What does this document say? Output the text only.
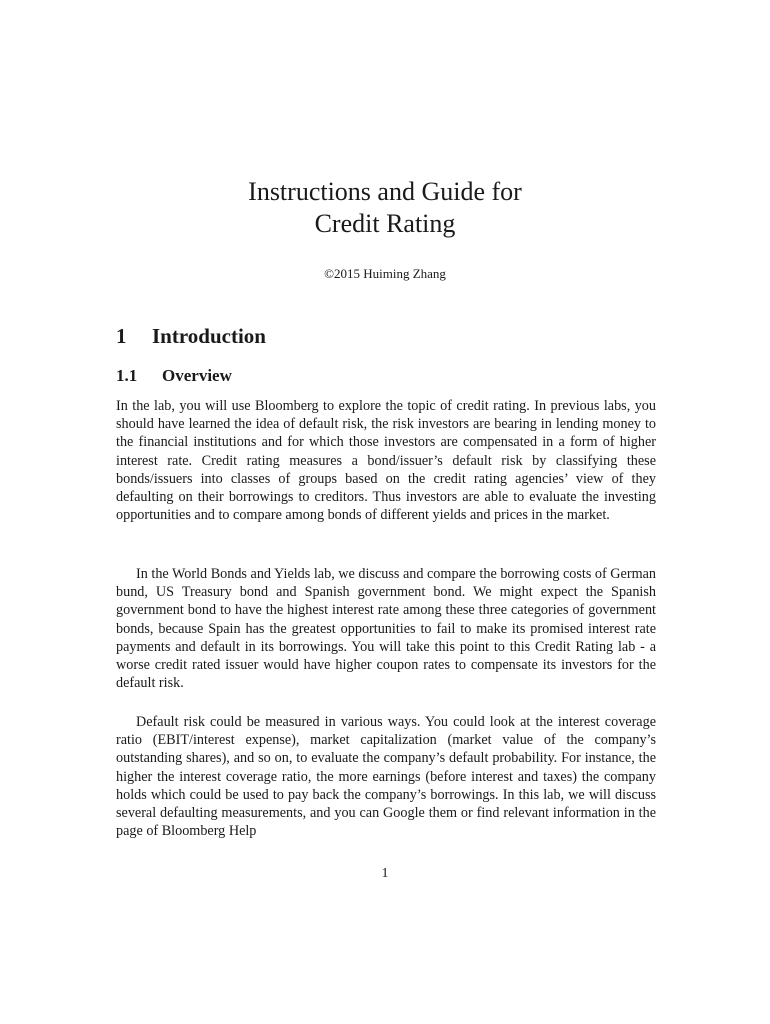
Instructions and Guide for
Credit Rating
©2015 Huiming Zhang
1 Introduction
1.1 Overview

In the lab, you will use Bloomberg to explore the topic of credit rating. In previous labs, you should have learned the idea of default risk, the risk investors are bearing in lending money to the financial institutions and for which those investors are compensated in a form of higher interest rate. Credit rating measures a bond/issuer’s default risk by classifying these bonds/issuers into classes of groups based on the credit rating agencies’ view of they defaulting on their borrowings to creditors. Thus investors are able to evaluate the investing opportunities and to compare among bonds of different yields and prices in the market.

In the World Bonds and Yields lab, we discuss and compare the borrowing costs of German bund, US Treasury bond and Spanish government bond. We might expect the Spanish government bond to have the highest interest rate among these three categories of government bonds, because Spain has the greatest opportunities to fail to make its promised interest rate payments and default in its borrowings. You will take this point to this Credit Rating lab - a worse credit rated issuer would have higher coupon rates to compensate its investors for the default risk.

Default risk could be measured in various ways. You could look at the interest coverage ratio (EBIT/interest expense), market capitalization (market value of the company’s outstanding shares), and so on, to evaluate the company’s default probability. For instance, the higher the interest coverage ratio, the more earnings (before interest and taxes) the company holds which could be used to pay back the company’s borrowings. In this lab, we will discuss several defaulting measurements, and you can Google them or find relevant information in the page of Bloomberg Help

1
